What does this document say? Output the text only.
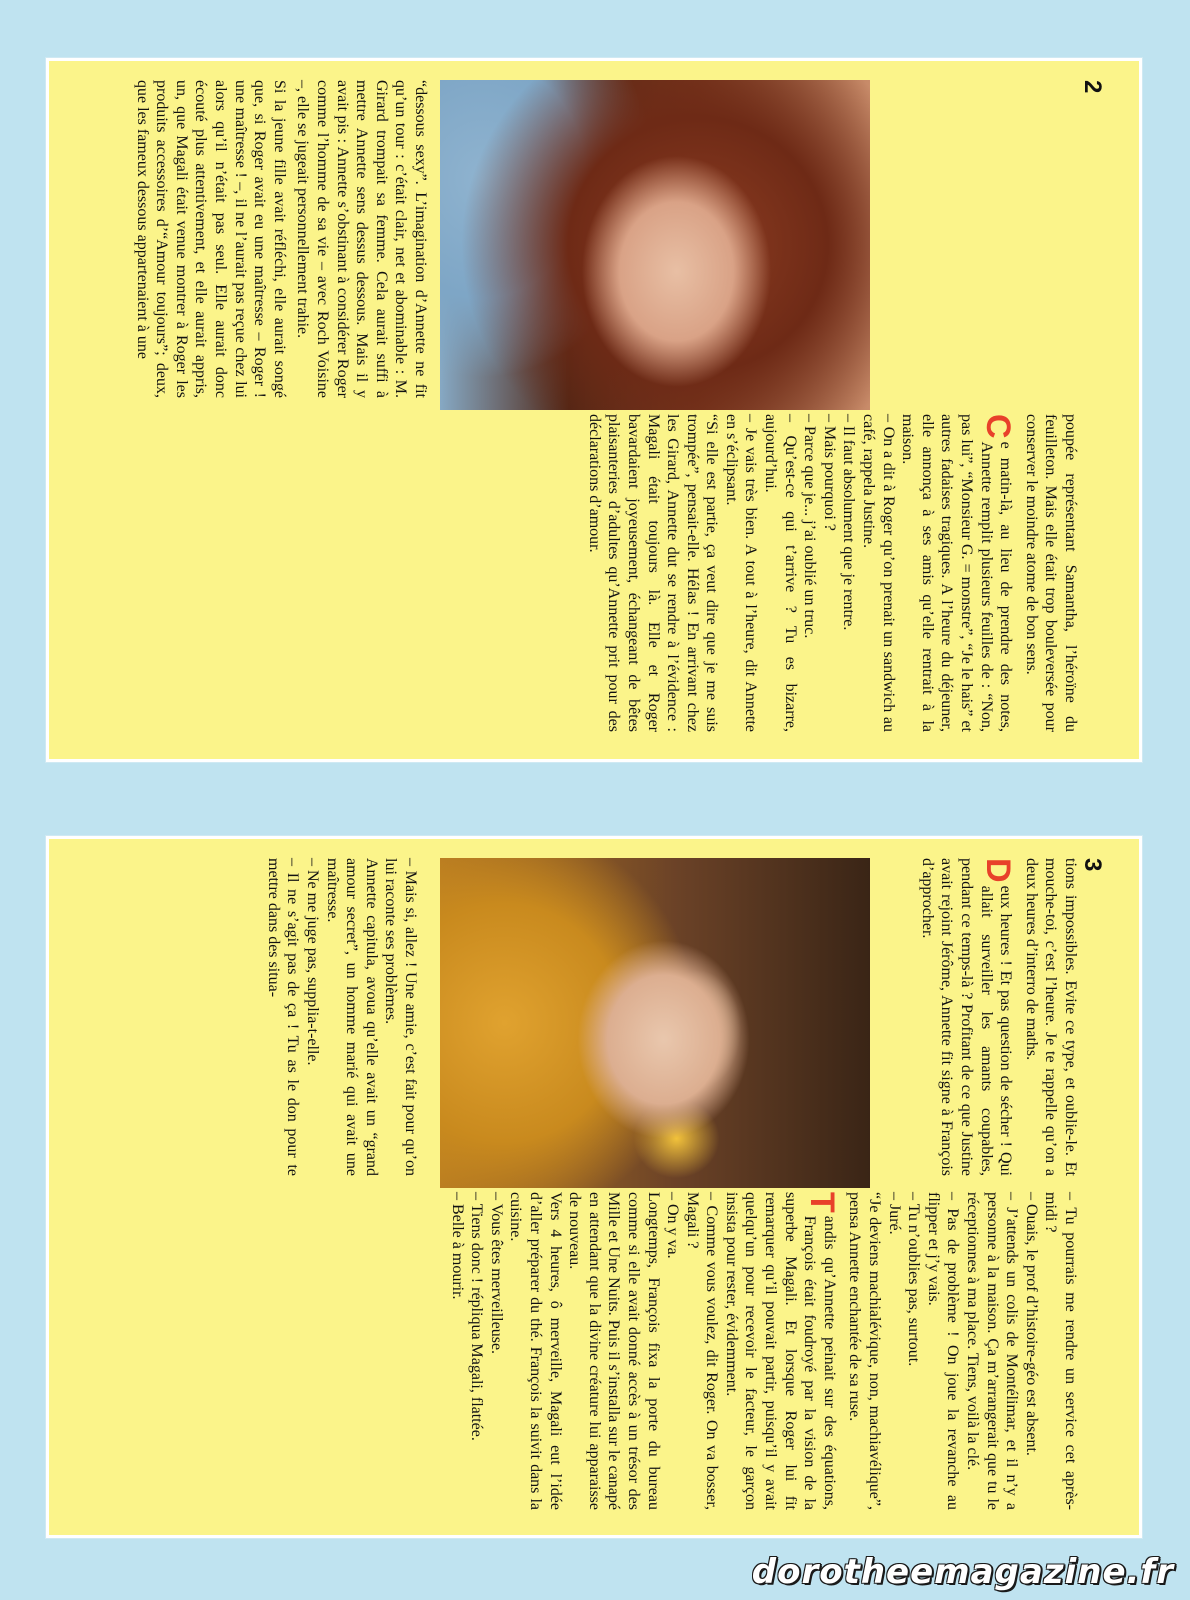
2

“dessous sexy”. L’imagination d’Annette ne fit qu’un tour : c’était clair, net et abominable : M. Girard trompait sa femme. Cela aurait suffi à mettre Annette sens dessus dessous. Mais il y avait pis : Annette s’obstinant à considérer Roger comme l’homme de sa vie – avec Roch Voisine –, elle se jugeait personnellement trahie.

Si la jeune fille avait réfléchi, elle aurait songé que, si Roger avait eu une maîtresse – Roger ! une maîtresse ! –, il ne l’aurait pas reçue chez lui alors qu’il n’était pas seul. Elle aurait donc écouté plus attentivement, et elle aurait appris, un, que Magali était venue montrer à Roger les produits accessoires d’“Amour toujours”; deux, que les fameux dessous appartenaient à une

poupée représentant Samantha, l’héroïne du feuilleton. Mais elle était trop bouleversée pour conserver le moindre atome de bon sens.

C
e matin-là, au lieu de prendre des notes, Annette remplit plusieurs feuilles de : “Non, pas lui”, “Monsieur G. = monstre”, “Je le hais” et autres fadaises tragiques. A l’heure du déjeuner, elle annonça à ses amis qu’elle rentrait à la maison.

– On a dit à Roger qu’on prenait un sandwich au café, rappela Justine.

– Il faut absolument que je rentre.

– Mais pourquoi ?

– Parce que je... j’ai oublié un truc.

– Qu’est-ce qui t’arrive ? Tu es bizarre, aujourd’hui.

– Je vais très bien. A tout à l’heure, dit Annette en s’éclipsant.

“Si elle est partie, ça veut dire que je me suis trompée”, pensait-elle. Hélas ! En arrivant chez les Girard, Annette dut se rendre à l’évidence : Magali était toujours là. Elle et Roger bavardaient joyeusement, échangeant de bêtes plaisanteries d’adultes qu’Annette prit pour des déclarations d’amour.

3

tions impossibles. Evite ce type, et oublie-le. Et mouche-toi, c’est l’heure. Je te rappelle qu’on a deux heures d’interro de maths.

D
eux heures ! Et pas question de sécher ! Qui allait surveiller les amants coupables, pendant ce temps-là ? Profitant de ce que Justine avait rejoint Jérôme, Annette fit signe à François d’approcher.

– Mais si, allez ! Une amie, c’est fait pour qu’on lui raconte ses problèmes.

Annette capitula, avoua qu’elle avait un “grand amour secret”, un homme marié qui avait une maîtresse.

– Ne me juge pas, supplia-t-elle.

– Il ne s’agit pas de ça ! Tu as le don pour te mettre dans des situa-

– Tu pourrais me rendre un service cet après-midi ?

– Ouais, le prof d’histoire-géo est absent.

– J’attends un colis de Montélimar, et il n’y a personne à la maison. Ça m’arrangerait que tu le réceptionnes à ma place. Tiens, voilà la clé.

– Pas de problème ! On joue la revanche au flipper et j’y vais.

– Tu n’oublies pas, surtout.

– Juré.

“Je deviens machialévique, non, machiavélique”, pensa Annette enchantée de sa ruse.

T
andis qu’Annette peinait sur des équations, François était foudroyé par la vision de la superbe Magali. Et lorsque Roger lui fit remarquer qu’il pouvait partir, puisqu’il y avait quelqu’un pour recevoir le facteur, le garçon insista pour rester, évidemment.

– Comme vous voulez, dit Roger. On va bosser, Magali ?

– On y va.

Longtemps, François fixa la porte du bureau comme si elle avait donné accès à un trésor des Mille et Une Nuits. Puis il s’installa sur le canapé en attendant que la divine créature lui apparaisse de nouveau.

Vers 4 heures, ô merveille, Magali eut l’idée d’aller préparer du thé. François la suivit dans la cuisine.

– Vous êtes merveilleuse.

– Tiens donc ! répliqua Magali, flattée.

– Belle à mourir.

dorotheemagazine.fr
